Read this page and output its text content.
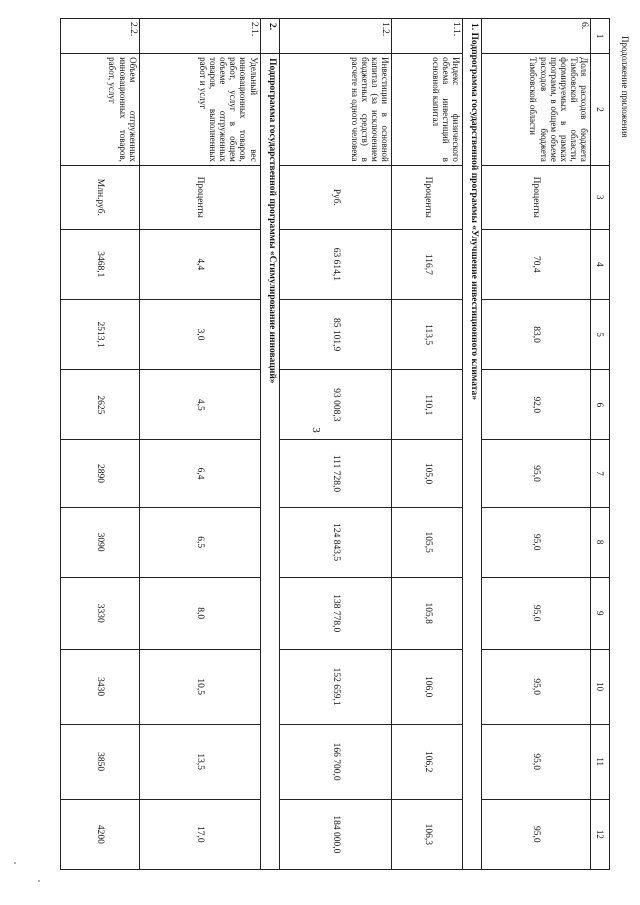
3
Продолжение приложения
1	2	3	4	5	6	7	8	9	10	11	12
6.	Доля расходов бюджета Тамбовской области, формируемых в рамках программ, в общем объеме расходов бюджета Тамбовской области	Проценты	70,4	83,0	92,0	95,0	95,0	95,0	95,0	95,0	95,0
1. Подпрограмма государственной программы «Улучшение инвестиционного климата»											
1.1.	Индекс физического объема инвестиций в основной капитал	Проценты	116,7	113,5	110,1	105,0	105,5	105,8	106,0	106,2	106,3
1.2.	Инвестиции в основной капитал (за исключением бюджетных средств) в расчете на одного человека	Руб.	63 614,1	85 101,9	93 008,3	111 728,0	124 843,5	138 778,0	152 659,1	166 700,0	184 000,0
2.	Подпрограмма государственной программы «Стимулирование инноваций»										
2.1.	Удельный вес инновационных товаров, работ, услуг в общем объеме отгруженных товаров, выполненных работ и услуг	Проценты	4,4	3,0	4,5	6,4	6,5	8,0	10,5	13,5	17,0
2.2.	Объем отгруженных инновационных товаров, работ, услуг	Млн.руб.	3468,1	2513,1	2625	2890	3090	3330	3430	3850	4200
